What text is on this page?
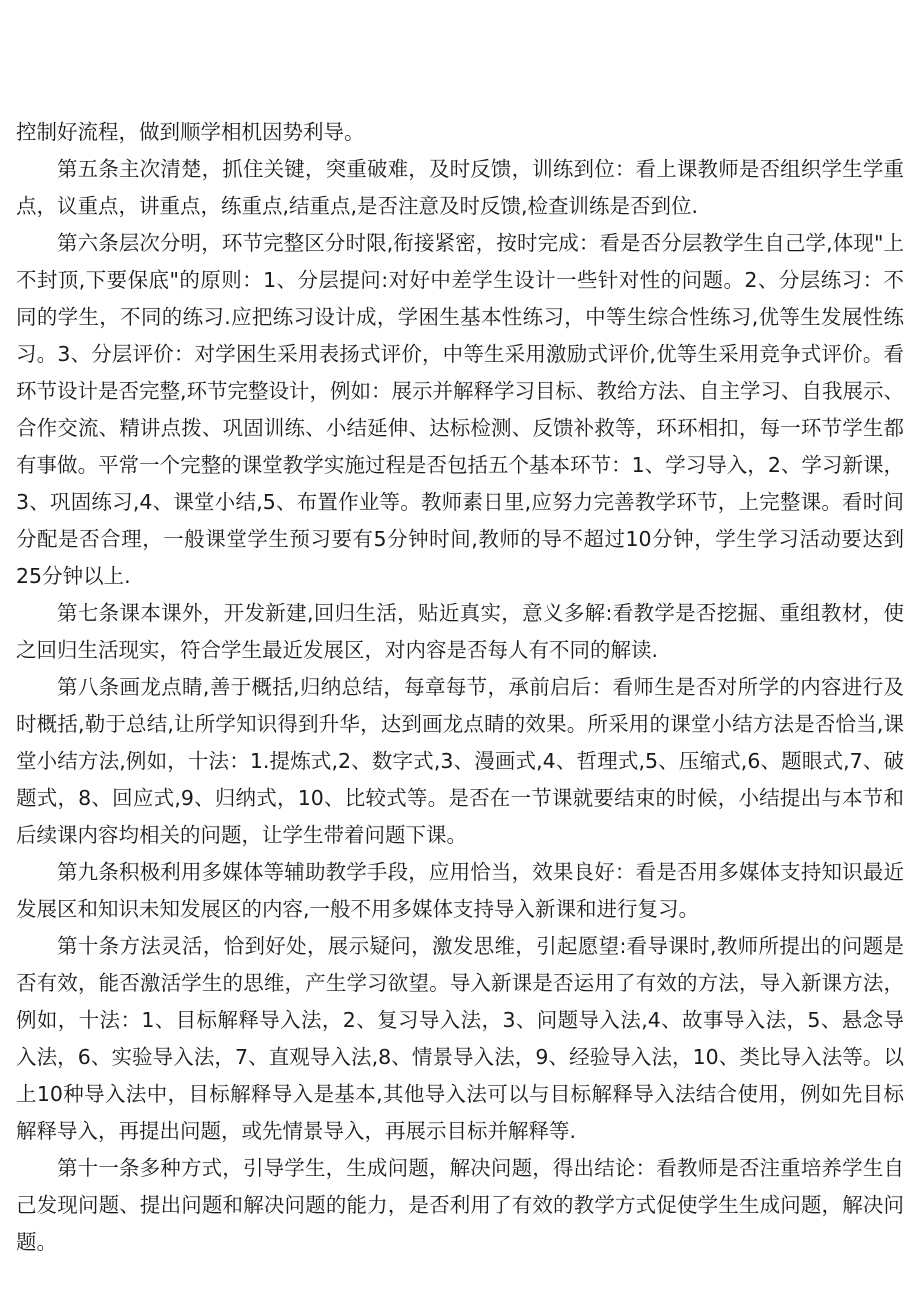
控制好流程，做到顺学相机因势利导。

第五条主次清楚，抓住关键，突重破难，及时反馈，训练到位：看上课教师是否组织学生学重点，议重点，讲重点，练重点,结重点,是否注意及时反馈,检查训练是否到位.

第六条层次分明，环节完整区分时限,衔接紧密，按时完成：看是否分层教学生自己学,体现"上不封顶,下要保底"的原则：1、分层提问:对好中差学生设计一些针对性的问题。2、分层练习：不同的学生，不同的练习.应把练习设计成，学困生基本性练习，中等生综合性练习,优等生发展性练习。3、分层评价：对学困生采用表扬式评价，中等生采用激励式评价,优等生采用竞争式评价。看环节设计是否完整,环节完整设计，例如：展示并解释学习目标、教给方法、自主学习、自我展示、合作交流、精讲点拨、巩固训练、小结延伸、达标检测、反馈补救等，环环相扣，每一环节学生都有事做。平常一个完整的课堂教学实施过程是否包括五个基本环节：1、学习导入，2、学习新课，3、巩固练习,4、课堂小结,5、布置作业等。教师素日里,应努力完善教学环节，上完整课。看时间分配是否合理，一般课堂学生预习要有5分钟时间,教师的导不超过10分钟，学生学习活动要达到25分钟以上.

第七条课本课外，开发新建,回归生活，贴近真实，意义多解:看教学是否挖掘、重组教材，使之回归生活现实，符合学生最近发展区，对内容是否每人有不同的解读.

第八条画龙点睛,善于概括,归纳总结，每章每节，承前启后：看师生是否对所学的内容进行及时概括,勒于总结,让所学知识得到升华，达到画龙点睛的效果。所采用的课堂小结方法是否恰当,课堂小结方法,例如，十法：1.提炼式,2、数字式,3、漫画式,4、哲理式,5、压缩式,6、题眼式,7、破题式，8、回应式,9、归纳式，10、比较式等。是否在一节课就要结束的时候，小结提出与本节和后续课内容均相关的问题，让学生带着问题下课。

第九条积极利用多媒体等辅助教学手段，应用恰当，效果良好：看是否用多媒体支持知识最近发展区和知识未知发展区的内容,一般不用多媒体支持导入新课和进行复习。

第十条方法灵活，恰到好处，展示疑问，激发思维，引起愿望:看导课时,教师所提出的问题是否有效，能否激活学生的思维，产生学习欲望。导入新课是否运用了有效的方法，导入新课方法，例如，十法：1、目标解释导入法，2、复习导入法，3、问题导入法,4、故事导入法，5、悬念导入法，6、实验导入法，7、直观导入法,8、情景导入法，9、经验导入法，10、类比导入法等。以上10种导入法中，目标解释导入是基本,其他导入法可以与目标解释导入法结合使用，例如先目标解释导入，再提出问题，或先情景导入，再展示目标并解释等.

第十一条多种方式，引导学生，生成问题，解决问题，得出结论：看教师是否注重培养学生自己发现问题、提出问题和解决问题的能力，是否利用了有效的教学方式促使学生生成问题，解决问题。
